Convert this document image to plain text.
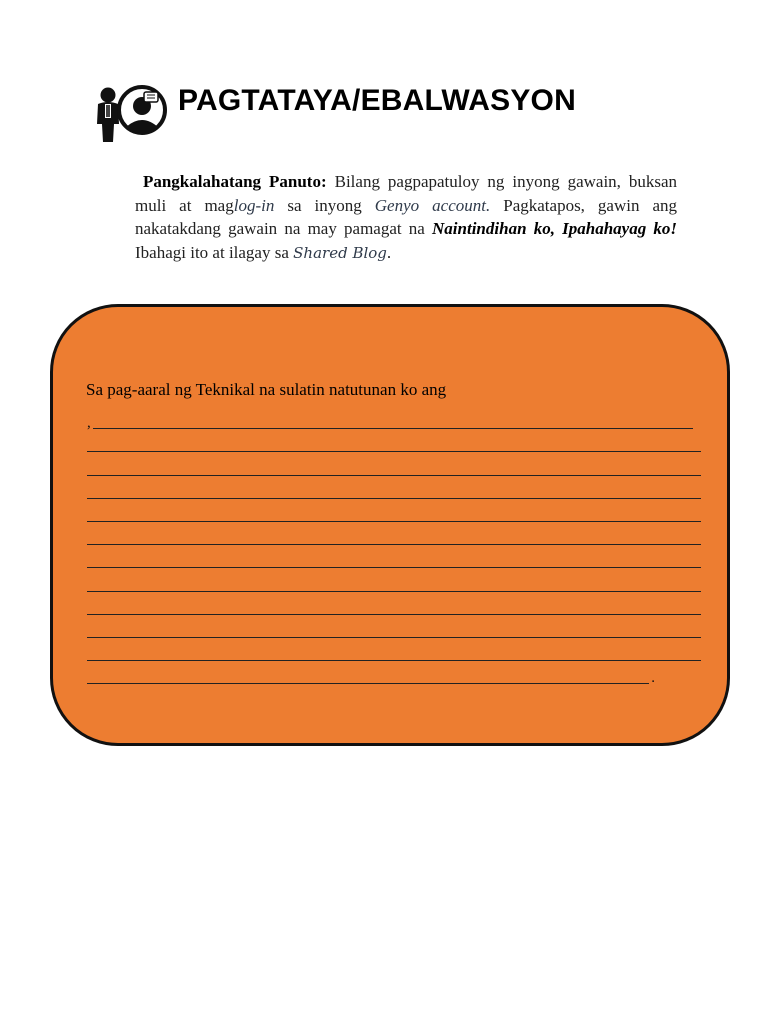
PAGTATAYA/EBALWASYON
Pangkalahatang Panuto: Bilang pagpapatuloy ng inyong gawain, buksan muli at maglog-in sa inyong Genyo account. Pagkatapos, gawin ang nakatakdang gawain na may pamagat na Naintindihan ko, Ipahahayag ko! Ibahagi ito at ilagay sa Shared Blog.
Sa pag-aaral ng Teknikal na sulatin natutunan ko ang
,
.
